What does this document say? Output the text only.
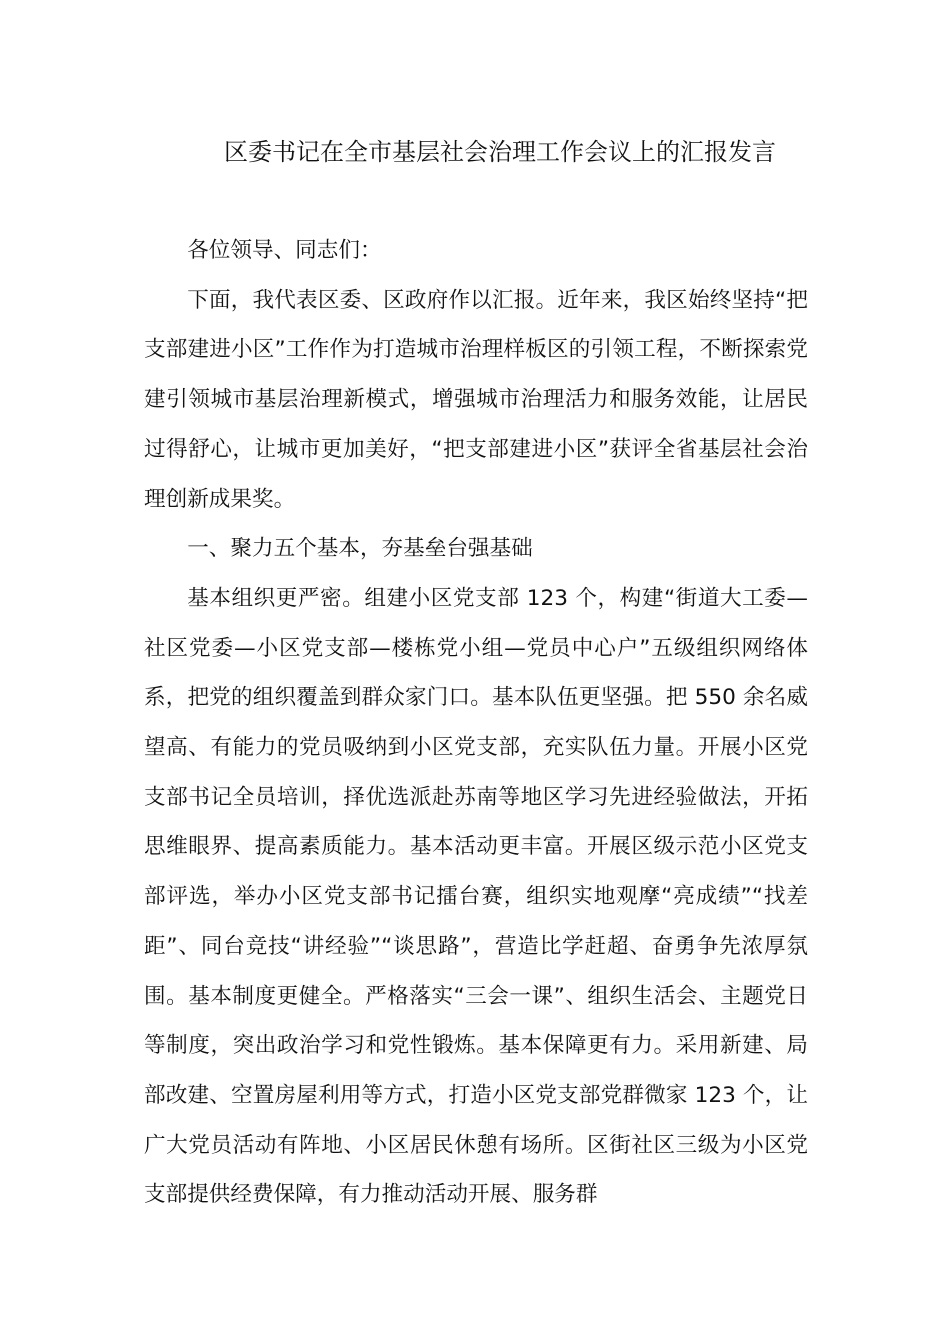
区委书记在全市基层社会治理工作会议上的汇报发言

各位领导、同志们：

下面，我代表区委、区政府作以汇报。近年来，我区始终坚持“把支部建进小区”工作作为打造城市治理样板区的引领工程，不断探索党建引领城市基层治理新模式，增强城市治理活力和服务效能，让居民过得舒心，让城市更加美好，“把支部建进小区”获评全省基层社会治理创新成果奖。

一、聚力五个基本，夯基垒台强基础

基本组织更严密。组建小区党支部 123 个，构建“街道大工委—社区党委—小区党支部—楼栋党小组—党员中心户”五级组织网络体系，把党的组织覆盖到群众家门口。基本队伍更坚强。把 550 余名威望高、有能力的党员吸纳到小区党支部，充实队伍力量。开展小区党支部书记全员培训，择优选派赴苏南等地区学习先进经验做法，开拓思维眼界、提高素质能力。基本活动更丰富。开展区级示范小区党支部评选，举办小区党支部书记擂台赛，组织实地观摩“亮成绩”“找差距”、同台竞技“讲经验”“谈思路”，营造比学赶超、奋勇争先浓厚氛围。基本制度更健全。严格落实“三会一课”、组织生活会、主题党日等制度，突出政治学习和党性锻炼。基本保障更有力。采用新建、局部改建、空置房屋利用等方式，打造小区党支部党群微家 123 个，让广大党员活动有阵地、小区居民休憩有场所。区街社区三级为小区党支部提供经费保障，有力推动活动开展、服务群
